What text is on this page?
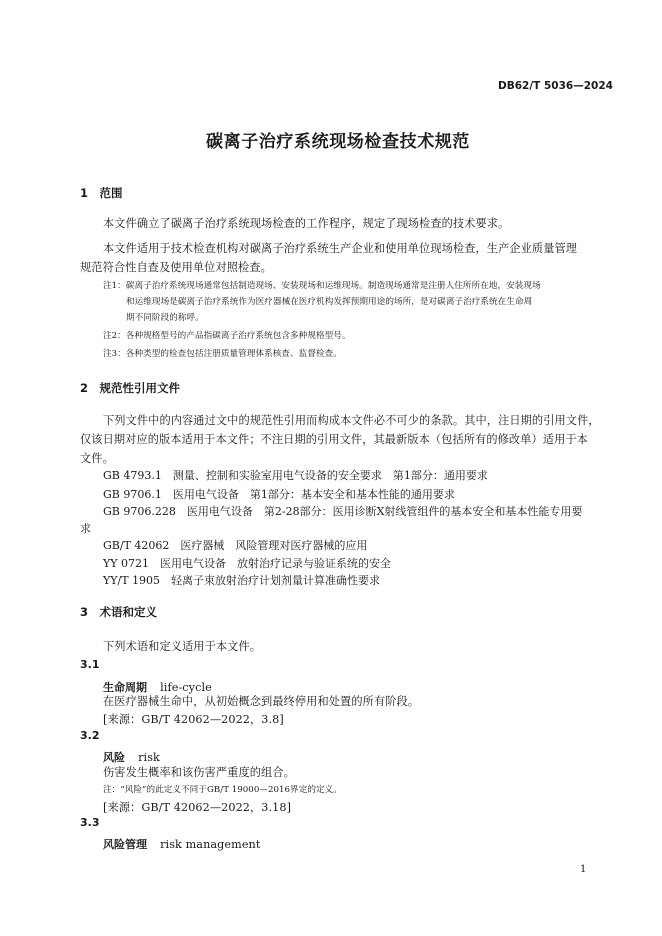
DB62/T 5036—2024
碳离子治疗系统现场检查技术规范
1　范围
本文件确立了碳离子治疗系统现场检查的工作程序，规定了现场检查的技术要求。
本文件适用于技术检查机构对碳离子治疗系统生产企业和使用单位现场检查，生产企业质量管理
规范符合性自查及使用单位对照检查。
注1：碳离子治疗系统现场通常包括制造现场、安装现场和运维现场。制造现场通常是注册人住所所在地，安装现场
和运维现场是碳离子治疗系统作为医疗器械在医疗机构发挥预期用途的场所，是对碳离子治疗系统在生命周
期不同阶段的称呼。
注2：各种规格型号的产品指碳离子治疗系统包含多种规格型号。
注3：各种类型的检查包括注册质量管理体系核查、监督检查。
2　规范性引用文件
下列文件中的内容通过文中的规范性引用而构成本文件必不可少的条款。其中，注日期的引用文件，
仅该日期对应的版本适用于本文件；不注日期的引用文件，其最新版本（包括所有的修改单）适用于本
文件。
GB 4793.1　 测量、控制和实验室用电气设备的安全要求　第1部分：通用要求
GB 9706.1　 医用电气设备　第1部分：基本安全和基本性能的通用要求
GB 9706.228　 医用电气设备　第2-28部分：医用诊断X射线管组件的基本安全和基本性能专用要
求
GB/T 42062　 医疗器械　风险管理对医疗器械的应用
YY 0721　 医用电气设备　放射治疗记录与验证系统的安全
YY/T 1905　 轻离子束放射治疗计划剂量计算准确性要求
3　术语和定义
下列术语和定义适用于本文件。
3.1
生命周期 life-cycle
在医疗器械生命中，从初始概念到最终停用和处置的所有阶段。
[来源：GB/T 42062—2022，3.8]
3.2
风险 risk
伤害发生概率和该伤害严重度的组合。
注：“风险”的此定义不同于GB/T 19000—2016界定的定义。
[来源：GB/T 42062—2022，3.18]
3.3
风险管理 risk management
1
